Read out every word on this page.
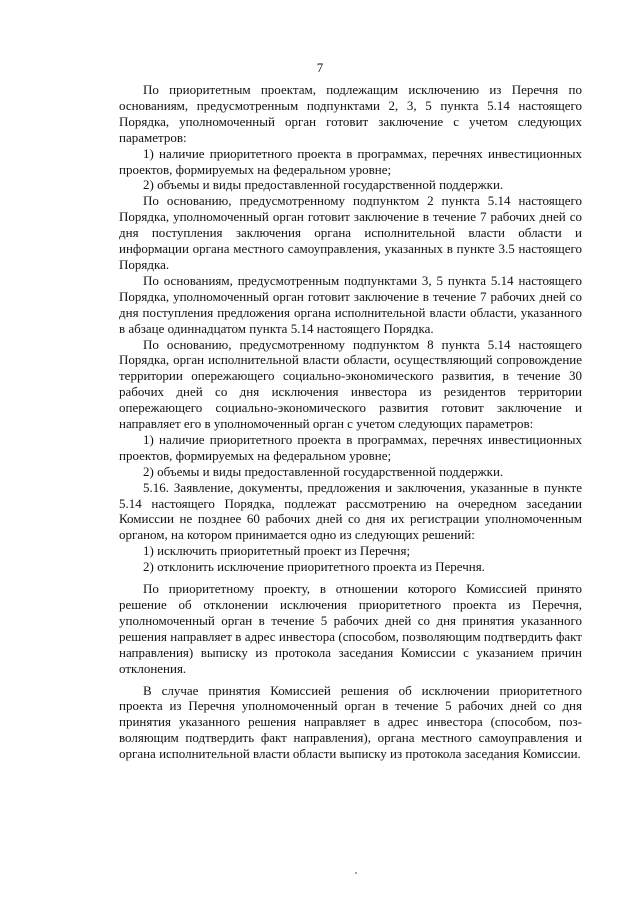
7

По приоритетным проектам, подлежащим исключению из Перечня по основаниям, предусмотренным подпунктами 2, 3, 5 пункта 5.14 настоящего Порядка, уполномоченный орган готовит заключение с учетом следующих параметров:

1) наличие приоритетного проекта в программах, перечнях инвестиционных проектов, формируемых на федеральном уровне;

2) объемы и виды предоставленной государственной поддержки.

По основанию, предусмотренному подпунктом 2 пункта 5.14 настоящего Порядка, уполномоченный орган готовит заключение в течение 7 рабочих дней со дня поступления заключения органа исполнительной власти области и информации органа местного самоуправления, указанных в пункте 3.5 настоящего Порядка.

По основаниям, предусмотренным подпунктами 3, 5 пункта 5.14 настоящего Порядка, уполномоченный орган готовит заключение в течение 7 рабочих дней со дня поступления предложения органа исполнительной власти области, указанного в абзаце одиннадцатом пункта 5.14 настоящего Порядка.

По основанию, предусмотренному подпунктом 8 пункта 5.14 настоящего Порядка, орган исполнительной власти области, осуществляющий сопровождение территории опережающего социально-экономического развития, в течение 30 рабочих дней со дня исключения инвестора из резидентов территории опережающего социально-экономического развития готовит заключение и направляет его в уполномоченный орган с учетом следующих параметров:

1) наличие приоритетного проекта в программах, перечнях инвестиционных проектов, формируемых на федеральном уровне;

2) объемы и виды предоставленной государственной поддержки.

5.16. Заявление, документы, предложения и заключения, указанные в пункте 5.14 настоящего Порядка, подлежат рассмотрению на очередном заседании Комиссии не позднее 60 рабочих дней со дня их регистрации уполномоченным органом, на котором принимается одно из следующих решений:

1) исключить приоритетный проект из Перечня;

2) отклонить исключение приоритетного проекта из Перечня.

По приоритетному проекту, в отношении которого Комиссией принято решение об отклонении исключения приоритетного проекта из Перечня, уполномоченный орган в течение 5 рабочих дней со дня принятия указанного решения направляет в адрес инвестора (способом, позволяющим подтвердить факт направления) выписку из протокола заседания Комиссии с указанием причин отклонения.

В случае принятия Комиссией решения об исключении приоритетного проекта из Перечня уполномоченный орган в течение 5 рабочих дней со дня принятия указанного решения направляет в адрес инвестора (способом, позволяющим подтвердить факт направления), органа местного самоуправления и органа исполнительной власти области выписку из протокола заседания Комиссии.
